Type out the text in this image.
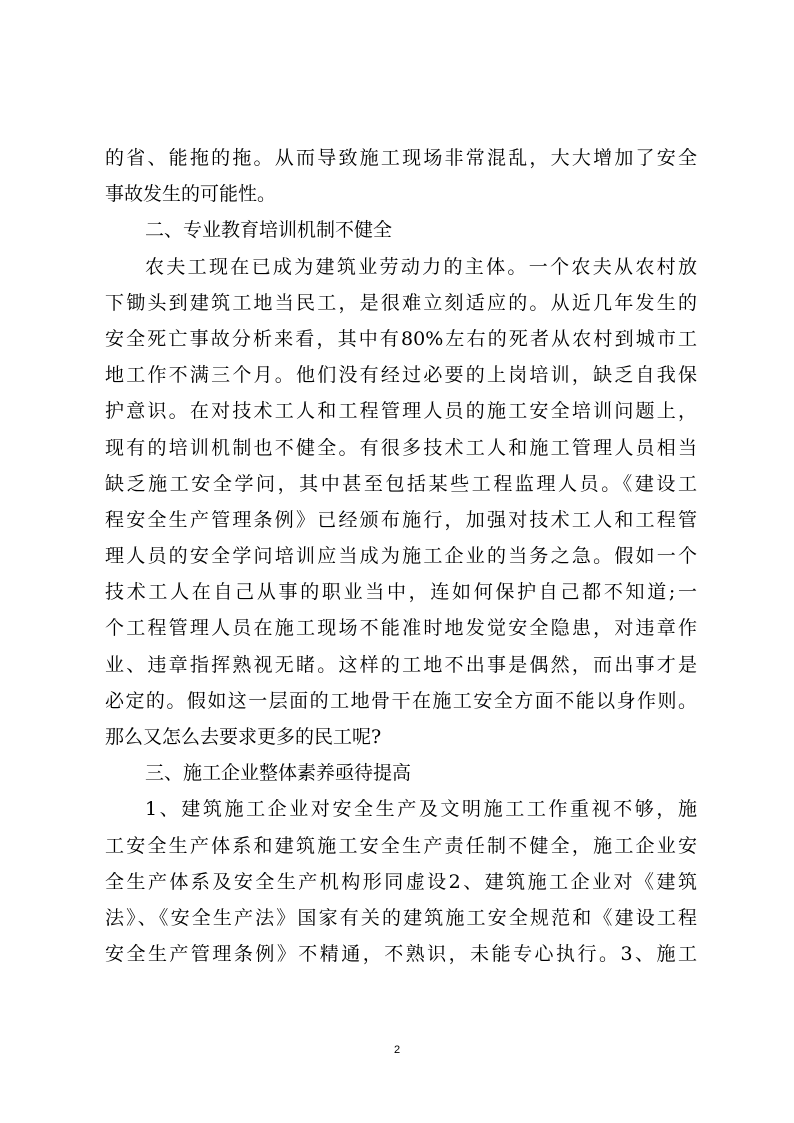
的省、能拖的拖。从而导致施工现场非常混乱，大大增加了安全
事故发生的可能性。
二、专业教育培训机制不健全
农夫工现在已成为建筑业劳动力的主体。一个农夫从农村放
下锄头到建筑工地当民工，是很难立刻适应的。从近几年发生的
安全死亡事故分析来看，其中有80%左右的死者从农村到城市工
地工作不满三个月。他们没有经过必要的上岗培训，缺乏自我保
护意识。在对技术工人和工程管理人员的施工安全培训问题上，
现有的培训机制也不健全。有很多技术工人和施工管理人员相当
缺乏施工安全学问，其中甚至包括某些工程监理人员。《建设工
程安全生产管理条例》已经颁布施行，加强对技术工人和工程管
理人员的安全学问培训应当成为施工企业的当务之急。假如一个
技术工人在自己从事的职业当中，连如何保护自己都不知道;一
个工程管理人员在施工现场不能准时地发觉安全隐患，对违章作
业、违章指挥熟视无睹。这样的工地不出事是偶然，而出事才是
必定的。假如这一层面的工地骨干在施工安全方面不能以身作则。
那么又怎么去要求更多的民工呢?
三、施工企业整体素养亟待提高
1、建筑施工企业对安全生产及文明施工工作重视不够，施
工安全生产体系和建筑施工安全生产责任制不健全，施工企业安
全生产体系及安全生产机构形同虚设2、建筑施工企业对《建筑
法》、《安全生产法》国家有关的建筑施工安全规范和《建设工程
安全生产管理条例》不精通，不熟识，未能专心执行。3、施工
2
